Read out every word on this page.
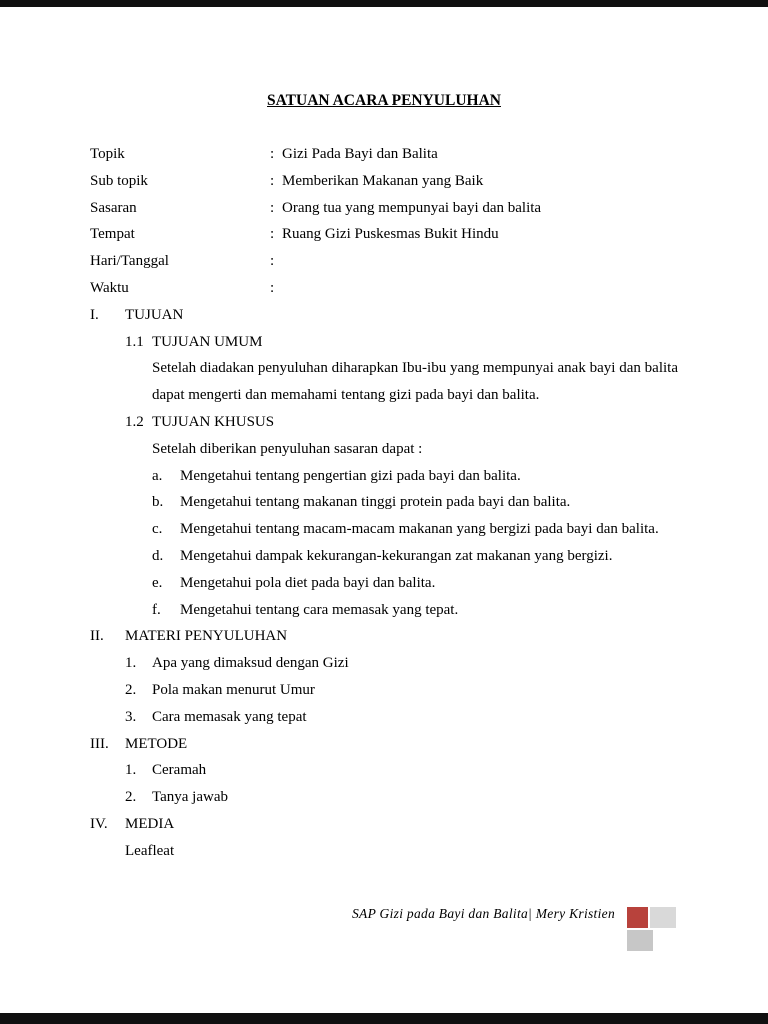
SATUAN ACARA PENYULUHAN
Topik	: Gizi Pada Bayi dan Balita
Sub topik	: Memberikan Makanan yang Baik
Sasaran	: Orang tua yang mempunyai bayi dan balita
Tempat	: Ruang Gizi Puskesmas Bukit Hindu
Hari/Tanggal	:
Waktu	:
I.	TUJUAN
1.1 TUJUAN UMUM
Setelah diadakan penyuluhan diharapkan Ibu-ibu yang mempunyai anak bayi dan balita dapat mengerti dan memahami tentang gizi pada bayi dan balita.
1.2 TUJUAN KHUSUS
Setelah diberikan penyuluhan sasaran dapat :
a.	Mengetahui tentang pengertian gizi pada bayi dan balita.
b.	Mengetahui tentang makanan tinggi protein pada bayi dan balita.
c.	Mengetahui tentang macam-macam makanan yang bergizi pada bayi dan balita.
d.	Mengetahui dampak kekurangan-kekurangan zat makanan yang bergizi.
e.	Mengetahui pola diet pada bayi dan balita.
f.	Mengetahui tentang cara memasak yang tepat.
II.	MATERI PENYULUHAN
1.	Apa yang dimaksud dengan Gizi
2.	Pola makan menurut Umur
3.	Cara memasak yang tepat
III.	METODE
1.	Ceramah
2.	Tanya jawab
IV.	MEDIA
Leafleat
SAP Gizi pada Bayi dan Balita| Mery Kristien
